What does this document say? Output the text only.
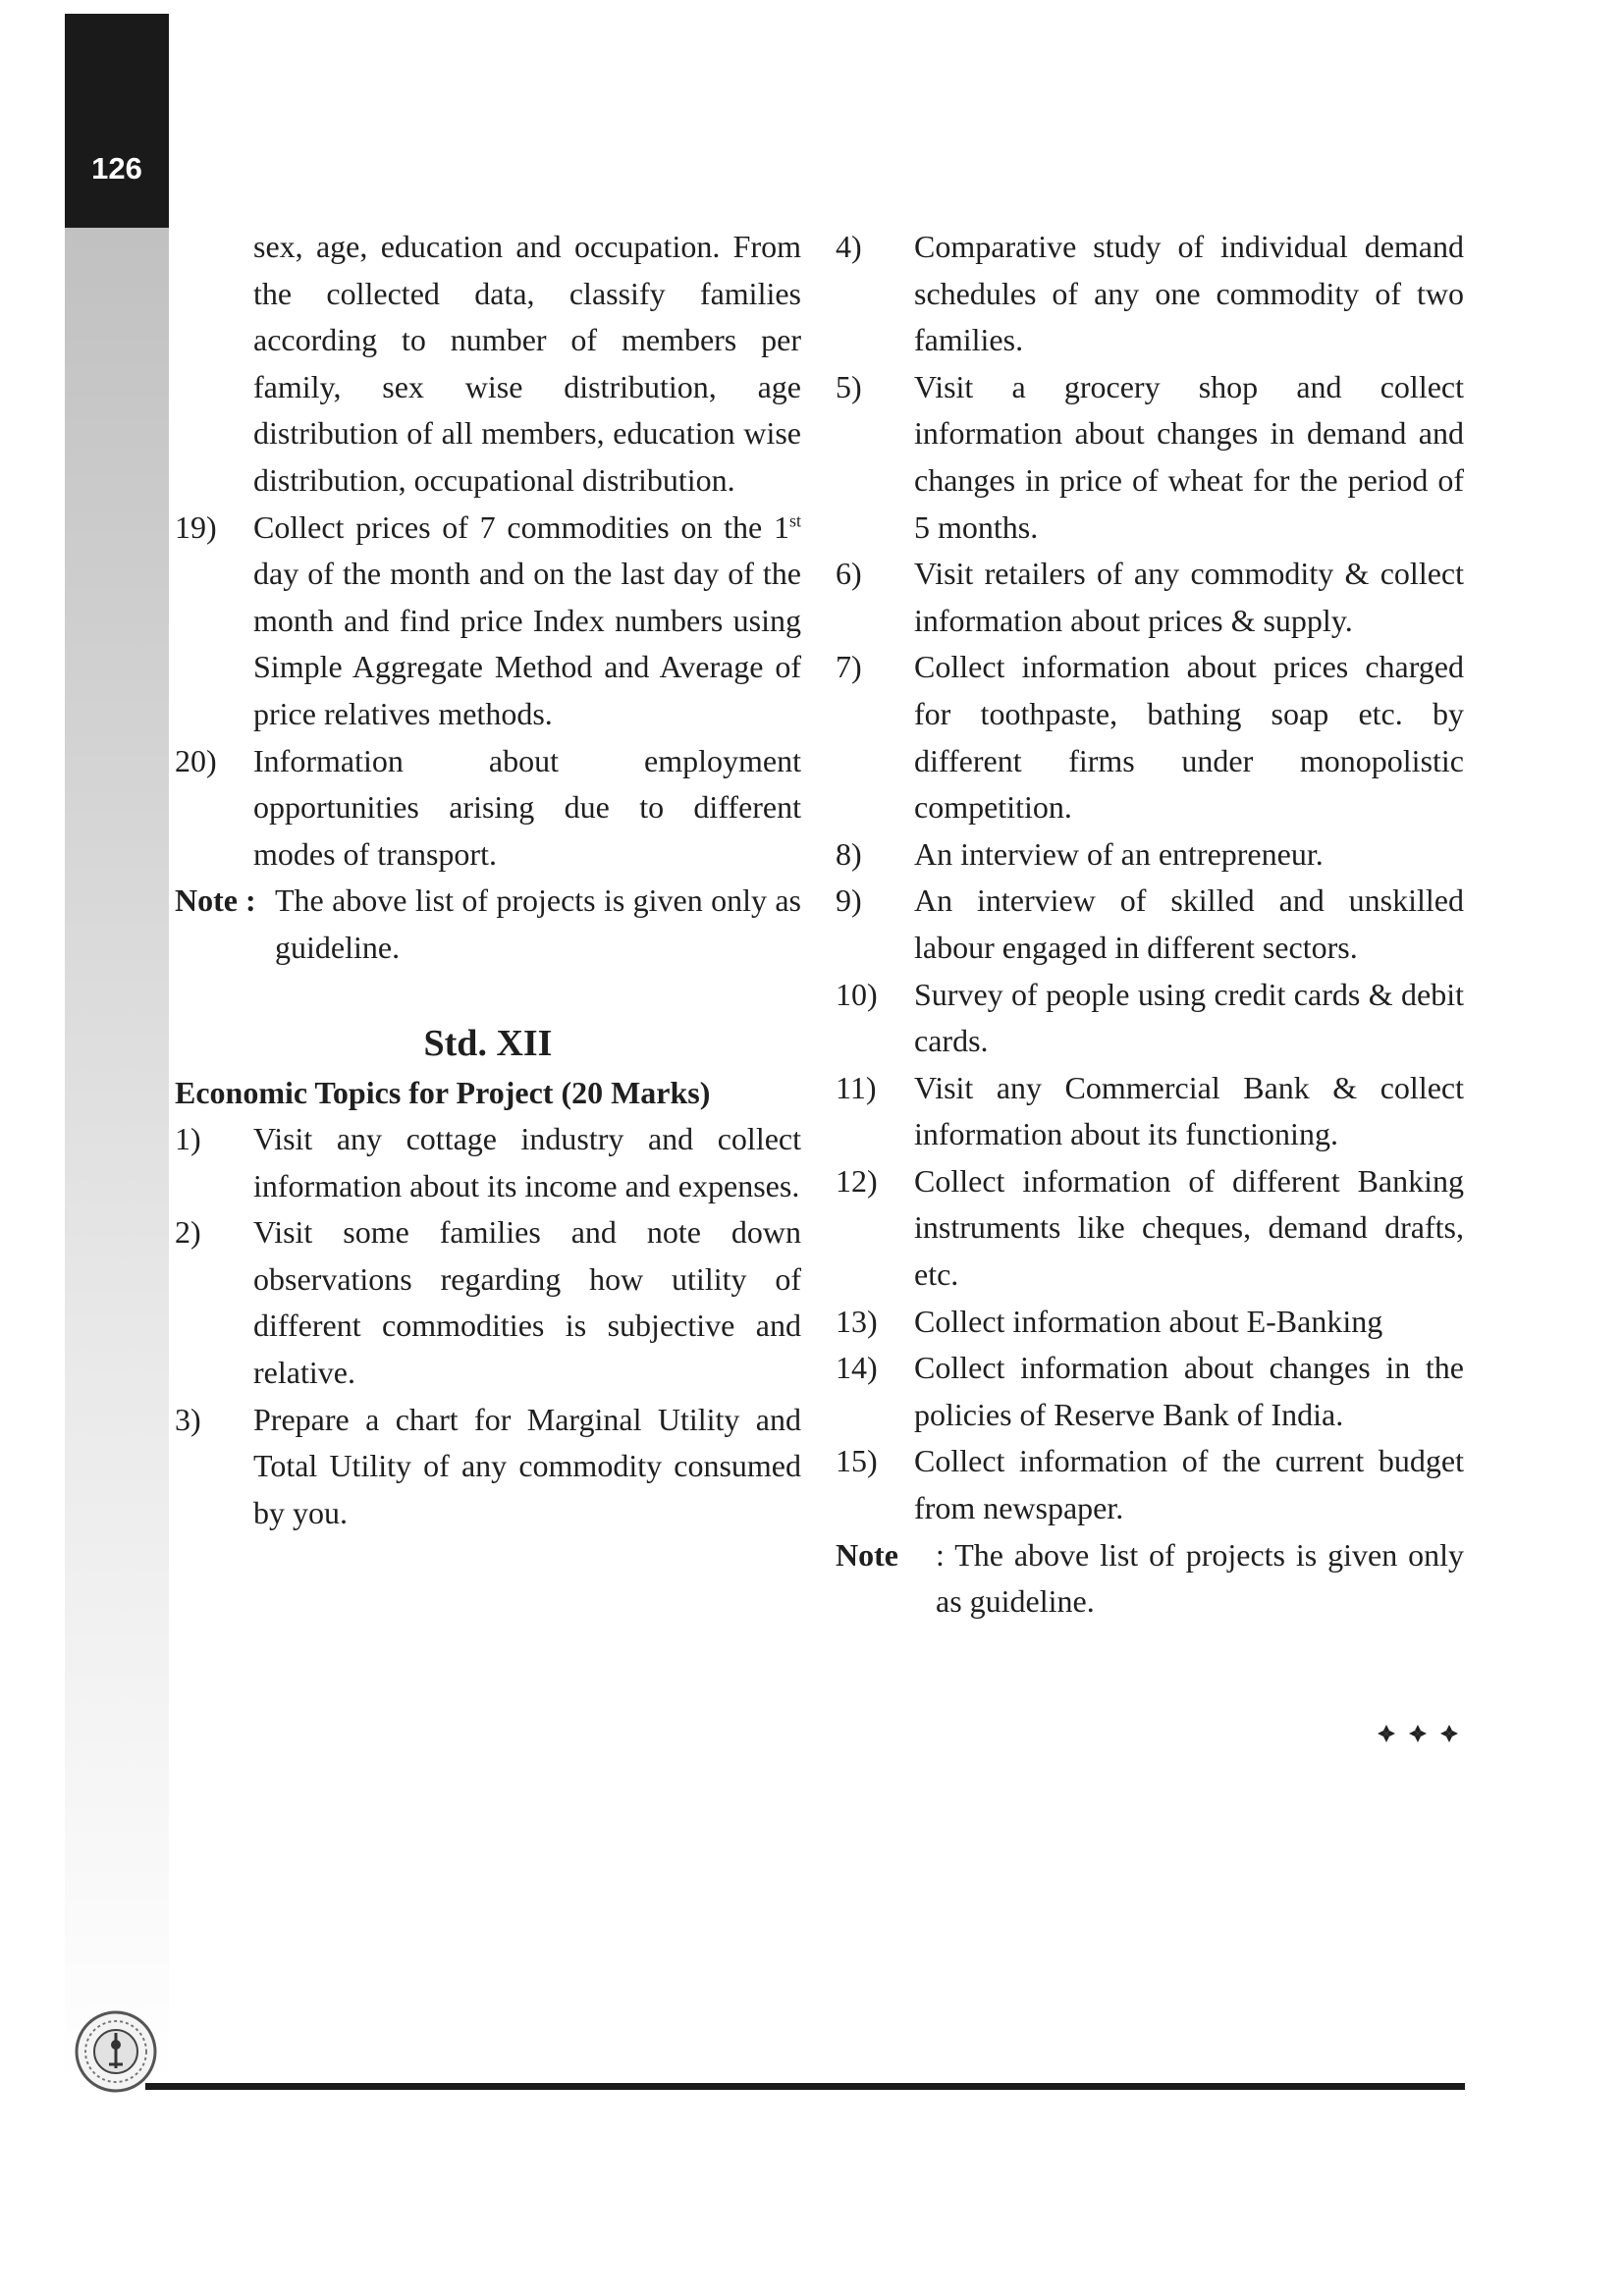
126
sex, age, education and occupation. From the collected data, classify families according to number of members per family, sex wise distribution, age distribution of all members, education wise distribution, occupational distribution.
19) Collect prices of 7 commodities on the 1st day of the month and on the last day of the month and find price Index numbers using Simple Aggregate Method and Average of price relatives methods.
20) Information about employment opportunities arising due to different modes of transport.
Note : The above list of projects is given only as guideline.
Std. XII
Economic Topics for Project (20 Marks)
1) Visit any cottage industry and collect information about its income and expenses.
2) Visit some families and note down observations regarding how utility of different commodities is subjective and relative.
3) Prepare a chart for Marginal Utility and Total Utility of any commodity consumed by you.
4) Comparative study of individual demand schedules of any one commodity of two families.
5) Visit a grocery shop and collect information about changes in demand and changes in price of wheat for the period of 5 months.
6) Visit retailers of any commodity & collect information about prices & supply.
7) Collect information about prices charged for toothpaste, bathing soap etc. by different firms under monopolistic competition.
8) An interview of an entrepreneur.
9) An interview of skilled and unskilled labour engaged in different sectors.
10) Survey of people using credit cards & debit cards.
11) Visit any Commercial Bank & collect information about its functioning.
12) Collect information of different Banking instruments like cheques, demand drafts, etc.
13) Collect information about E-Banking
14) Collect information about changes in the policies of Reserve Bank of India.
15) Collect information of the current budget from newspaper.
Note : The above list of projects is given only as guideline.
